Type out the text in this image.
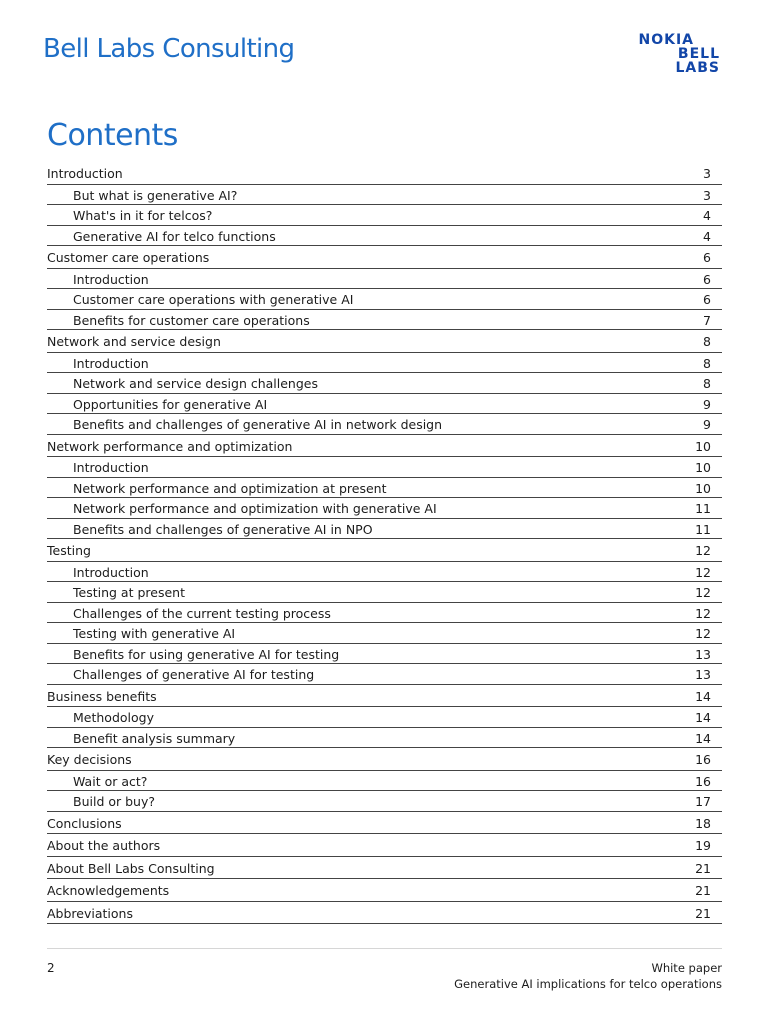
Bell Labs Consulting	NOKIA
BELL
LABS
Contents
Introduction	3
But what is generative AI?	3
What's in it for telcos?	4
Generative AI for telco functions	4
Customer care operations	6
Introduction	6
Customer care operations with generative AI	6
Benefits for customer care operations	7
Network and service design	8
Introduction	8
Network and service design challenges	8
Opportunities for generative AI	9
Benefits and challenges of generative AI in network design	9
Network performance and optimization	10
Introduction	10
Network performance and optimization at present	10
Network performance and optimization with generative AI	11
Benefits and challenges of generative AI in NPO	11
Testing	12
Introduction	12
Testing at present	12
Challenges of the current testing process	12
Testing with generative AI	12
Benefits for using generative AI for testing	13
Challenges of generative AI for testing	13
Business benefits	14
Methodology	14
Benefit analysis summary	14
Key decisions	16
Wait or act?	16
Build or buy?	17
Conclusions	18
About the authors	19
About Bell Labs Consulting	21
Acknowledgements	21
Abbreviations	21
2	White paper
Generative AI implications for telco operations
